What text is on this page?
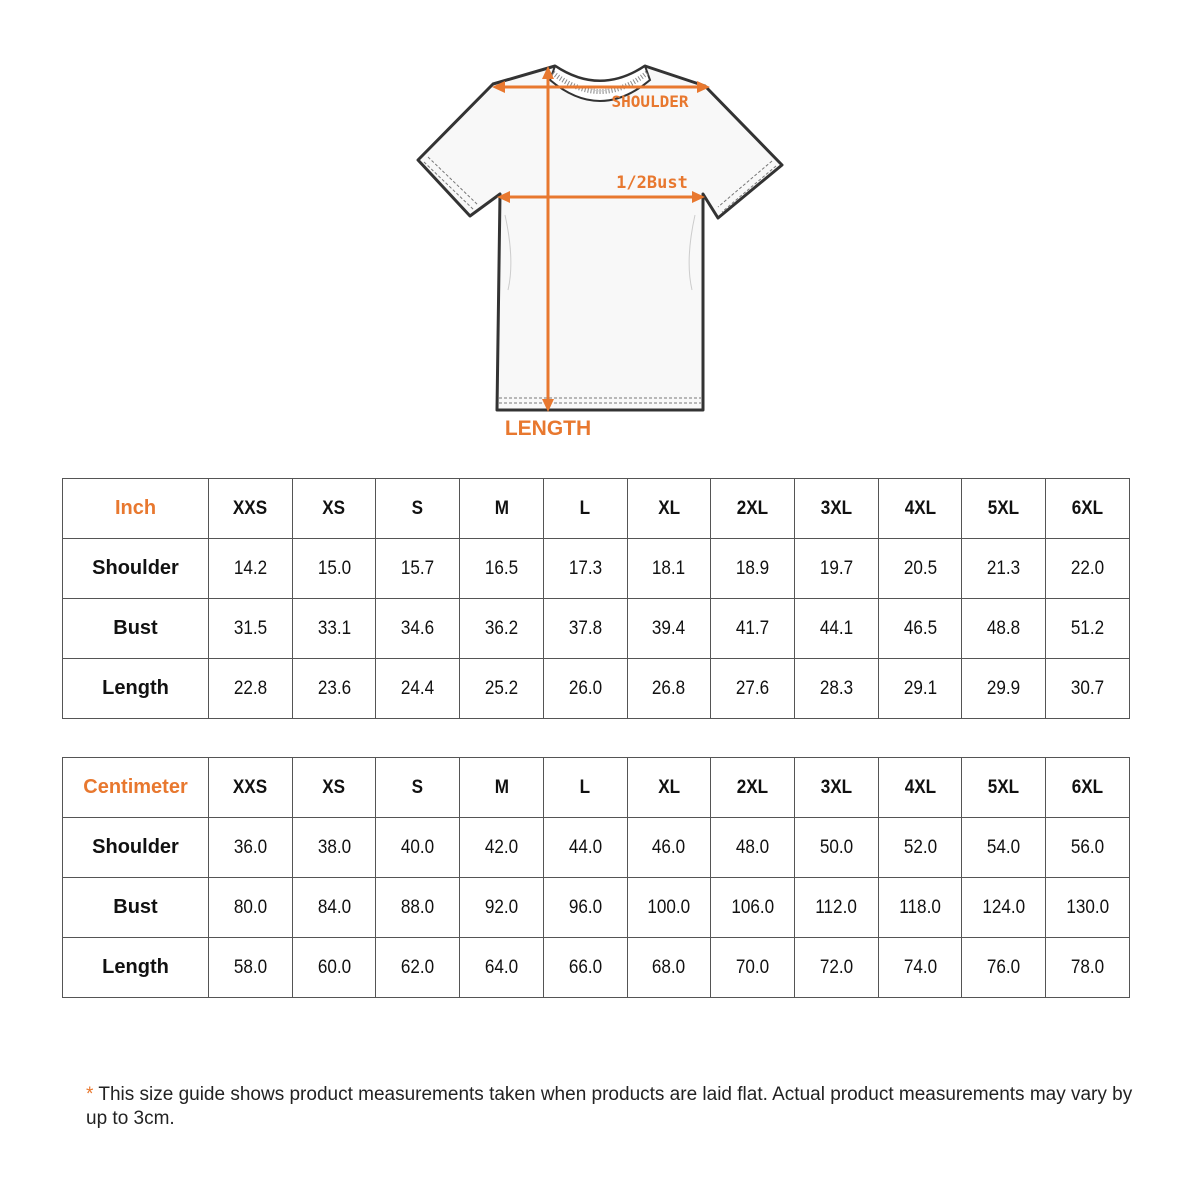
SHOULDER
1/2Bust
LENGTH
Inch	XXS	XS	S	M	L	XL	2XL	3XL	4XL	5XL	6XL
Shoulder	14.2	15.0	15.7	16.5	17.3	18.1	18.9	19.7	20.5	21.3	22.0
Bust	31.5	33.1	34.6	36.2	37.8	39.4	41.7	44.1	46.5	48.8	51.2
Length	22.8	23.6	24.4	25.2	26.0	26.8	27.6	28.3	29.1	29.9	30.7
Centimeter	XXS	XS	S	M	L	XL	2XL	3XL	4XL	5XL	6XL
Shoulder	36.0	38.0	40.0	42.0	44.0	46.0	48.0	50.0	52.0	54.0	56.0
Bust	80.0	84.0	88.0	92.0	96.0	100.0	106.0	112.0	118.0	124.0	130.0
Length	58.0	60.0	62.0	64.0	66.0	68.0	70.0	72.0	74.0	76.0	78.0

* This size guide shows product measurements taken when products are laid flat. Actual product measurements may vary by up to 3cm.
